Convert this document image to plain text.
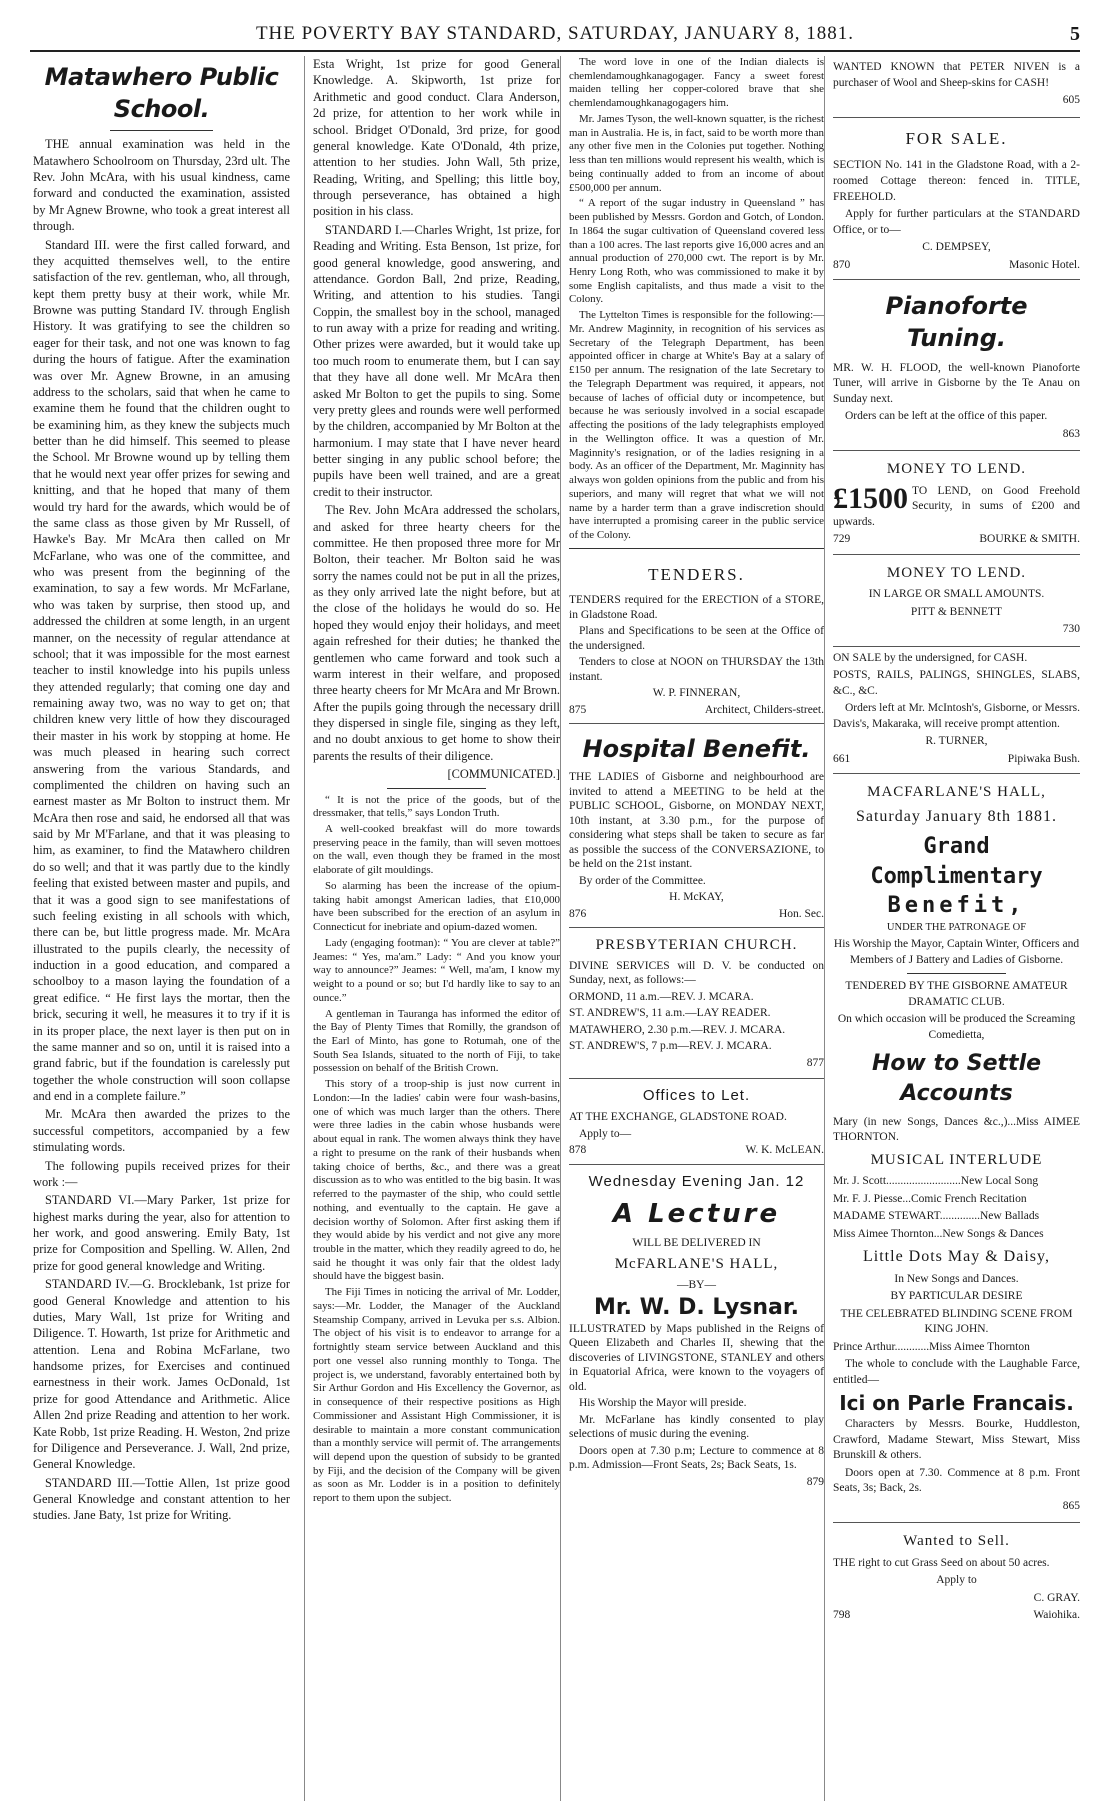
THE POVERTY BAY STANDARD, SATURDAY, JANUARY 8, 1881.	5
Matawhero Public School.

THE annual examination was held in the Matawhero Schoolroom on Thursday, 23rd ult. The Rev. John McAra, with his usual kindness, came forward and conducted the examination, assisted by Mr Agnew Browne, who took a great interest all through.

Standard III. were the first called forward, and they acquitted themselves well, to the entire satisfaction of the rev. gentleman, who, all through, kept them pretty busy at their work, while Mr. Browne was putting Standard IV. through English History. It was gratifying to see the children so eager for their task, and not one was known to fag during the hours of fatigue. After the examination was over Mr. Agnew Browne, in an amusing address to the scholars, said that when he came to examine them he found that the children ought to be examining him, as they knew the subjects much better than he did himself. This seemed to please the School. Mr Browne wound up by telling them that he would next year offer prizes for sewing and knitting, and that he hoped that many of them would try hard for the awards, which would be of the same class as those given by Mr Russell, of Hawke's Bay. Mr McAra then called on Mr McFarlane, who was one of the committee, and who was present from the beginning of the examination, to say a few words. Mr McFarlane, who was taken by surprise, then stood up, and addressed the children at some length, in an urgent manner, on the necessity of regular attendance at school; that it was impossible for the most earnest teacher to instil knowledge into his pupils unless they attended regularly; that coming one day and remaining away two, was no way to get on; that children knew very little of how they discouraged their master in his work by stopping at home. He was much pleased in hearing such correct answering from the various Standards, and complimented the children on having such an earnest master as Mr Bolton to instruct them. Mr McAra then rose and said, he endorsed all that was said by Mr M'Farlane, and that it was pleasing to him, as examiner, to find the Matawhero children do so well; and that it was partly due to the kindly feeling that existed between master and pupils, and that it was a good sign to see manifestations of such feeling existing in all schools with which, there can be, but little progress made. Mr. McAra illustrated to the pupils clearly, the necessity of induction in a good education, and compared a schoolboy to a mason laying the foundation of a great edifice. “ He first lays the mortar, then the brick, securing it well, he measures it to try if it is in its proper place, the next layer is then put on in the same manner and so on, until it is raised into a grand fabric, but if the foundation is carelessly put together the whole construction will soon collapse and end in a complete failure.”

Mr. McAra then awarded the prizes to the successful competitors, accompanied by a few stimulating words.

The following pupils received prizes for their work :—

STANDARD VI.—Mary Parker, 1st prize for highest marks during the year, also for attention to her work, and good answering. Emily Baty, 1st prize for Composition and Spelling. W. Allen, 2nd prize for good general knowledge and Writing.

STANDARD IV.—G. Brocklebank, 1st prize for good General Knowledge and attention to his duties, Mary Wall, 1st prize for Writing and Diligence. T. Howarth, 1st prize for Arithmetic and attention. Lena and Robina McFarlane, two handsome prizes, for Exercises and continued earnestness in their work. James OcDonald, 1st prize for good Attendance and Arithmetic. Alice Allen 2nd prize Reading and attention to her work. Kate Robb, 1st prize Reading. H. Weston, 2nd prize for Diligence and Perseverance. J. Wall, 2nd prize, General Knowledge.

STANDARD III.—Tottie Allen, 1st prize good General Knowledge and constant attention to her studies. Jane Baty, 1st prize for Writing.

Esta Wright, 1st prize for good General Knowledge. A. Skipworth, 1st prize for Arithmetic and good conduct. Clara Anderson, 2d prize, for attention to her work while in school. Bridget O'Donald, 3rd prize, for good general knowledge. Kate O'Donald, 4th prize, attention to her studies. John Wall, 5th prize, Reading, Writing, and Spelling; this little boy, through perseverance, has obtained a high position in his class.

STANDARD I.—Charles Wright, 1st prize, for Reading and Writing. Esta Benson, 1st prize, for good general knowledge, good answering, and attendance. Gordon Ball, 2nd prize, Reading, Writing, and attention to his studies. Tangi Coppin, the smallest boy in the school, managed to run away with a prize for reading and writing. Other prizes were awarded, but it would take up too much room to enumerate them, but I can say that they have all done well. Mr McAra then asked Mr Bolton to get the pupils to sing. Some very pretty glees and rounds were well performed by the children, accompanied by Mr Bolton at the harmonium. I may state that I have never heard better singing in any public school before; the pupils have been well trained, and are a great credit to their instructor.

The Rev. John McAra addressed the scholars, and asked for three hearty cheers for the committee. He then proposed three more for Mr Bolton, their teacher. Mr Bolton said he was sorry the names could not be put in all the prizes, as they only arrived late the night before, but at the close of the holidays he would do so. He hoped they would enjoy their holidays, and meet again refreshed for their duties; he thanked the gentlemen who came forward and took such a warm interest in their welfare, and proposed three hearty cheers for Mr McAra and Mr Brown. After the pupils going through the necessary drill they dispersed in single file, singing as they left, and no doubt anxious to get home to show their parents the results of their diligence.

[COMMUNICATED.]

“ It is not the price of the goods, but of the dressmaker, that tells,” says London Truth.

A well-cooked breakfast will do more towards preserving peace in the family, than will seven mottoes on the wall, even though they be framed in the most elaborate of gilt mouldings.

So alarming has been the increase of the opium-taking habit amongst American ladies, that £10,000 have been subscribed for the erection of an asylum in Connecticut for inebriate and opium-dazed women.

Lady (engaging footman): “ You are clever at table?” Jeames: “ Yes, ma'am.” Lady: “ And you know your way to announce?” Jeames: “ Well, ma'am, I know my weight to a pound or so; but I'd hardly like to say to an ounce.”

A gentleman in Tauranga has informed the editor of the Bay of Plenty Times that Romilly, the grandson of the Earl of Minto, has gone to Rotumah, one of the South Sea Islands, situated to the north of Fiji, to take possession on behalf of the British Crown.

This story of a troop-ship is just now current in London:—In the ladies' cabin were four wash-basins, one of which was much larger than the others. There were three ladies in the cabin whose husbands were about equal in rank. The women always think they have a right to presume on the rank of their husbands when taking choice of berths, &c., and there was a great discussion as to who was entitled to the big basin. It was referred to the paymaster of the ship, who could settle nothing, and eventually to the captain. He gave a decision worthy of Solomon. After first asking them if they would abide by his verdict and not give any more trouble in the matter, which they readily agreed to do, he said he thought it was only fair that the oldest lady should have the biggest basin.

The Fiji Times in noticing the arrival of Mr. Lodder, says:—Mr. Lodder, the Manager of the Auckland Steamship Company, arrived in Levuka per s.s. Albion. The object of his visit is to endeavor to arrange for a fortnightly steam service between Auckland and this port one vessel also running monthly to Tonga. The project is, we understand, favorably entertained both by Sir Arthur Gordon and His Excellency the Governor, as in consequence of their respective positions as High Commissioner and Assistant High Commissioner, it is desirable to maintain a more constant communication than a monthly service will permit of. The arrangements will depend upon the question of subsidy to be granted by Fiji, and the decision of the Company will be given as soon as Mr. Lodder is in a position to definitely report to them upon the subject.

The word love in one of the Indian dialects is chemlendamoughkanagogager. Fancy a sweet forest maiden telling her copper-colored brave that she chemlendamoughkanagogagers him.

Mr. James Tyson, the well-known squatter, is the richest man in Australia. He is, in fact, said to be worth more than any other five men in the Colonies put together. Nothing less than ten millions would represent his wealth, which is being continually added to from an income of about £500,000 per annum.

“ A report of the sugar industry in Queensland ” has been published by Messrs. Gordon and Gotch, of London. In 1864 the sugar cultivation of Queensland covered less than a 100 acres. The last reports give 16,000 acres and an annual production of 270,000 cwt. The report is by Mr. Henry Long Roth, who was commissioned to make it by some English capitalists, and thus made a visit to the Colony.

The Lyttelton Times is responsible for the following:—Mr. Andrew Maginnity, in recognition of his services as Secretary of the Telegraph Department, has been appointed officer in charge at White's Bay at a salary of £150 per annum. The resignation of the late Secretary to the Telegraph Department was required, it appears, not because of laches of official duty or incompetence, but because he was seriously involved in a social escapade affecting the positions of the lady telegraphists employed in the Wellington office. It was a question of Mr. Maginnity's resignation, or of the ladies resigning in a body. As an officer of the Department, Mr. Maginnity has always won golden opinions from the public and from his superiors, and many will regret that what we will not name by a harder term than a grave indiscretion should have interrupted a promising career in the public service of the Colony.

TENDERS.

TENDERS required for the ERECTION of a STORE, in Gladstone Road.

Plans and Specifications to be seen at the Office of the undersigned.

Tenders to close at NOON on THURSDAY the 13th instant.

W. P. FINNERAN,

875	Architect, Childers-street.
Hospital Benefit.

THE LADIES of Gisborne and neighbourhood are invited to attend a MEETING to be held at the PUBLIC SCHOOL, Gisborne, on MONDAY NEXT, 10th instant, at 3.30 p.m., for the purpose of considering what steps shall be taken to secure as far as possible the success of the CONVERSAZIONE, to be held on the 21st instant.

By order of the Committee.

H. McKAY,

876	Hon. Sec.
PRESBYTERIAN CHURCH.

DIVINE SERVICES will D. V. be conducted on Sunday, next, as follows:—

ORMOND, 11 a.m.—REV. J. MCARA.

ST. ANDREW'S, 11 a.m.—LAY READER.

MATAWHERO, 2.30 p.m.—REV. J. MCARA.

ST. ANDREW'S, 7 p.m—REV. J. MCARA.

877

Offices to Let.

AT THE EXCHANGE, GLADSTONE ROAD.

Apply to—

878	W. K. McLEAN.
Wednesday Evening Jan. 12
A Lecture

WILL BE DELIVERED IN

McFARLANE'S HALL,

—BY—

Mr. W. D. Lysnar.

ILLUSTRATED by Maps published in the Reigns of Queen Elizabeth and Charles II, shewing that the discoveries of LIVINGSTONE, STANLEY and others in Equatorial Africa, were known to the voyagers of old.

His Worship the Mayor will preside.

Mr. McFarlane has kindly consented to play selections of music during the evening.

Doors open at 7.30 p.m; Lecture to commence at 8 p.m. Admission—Front Seats, 2s; Back Seats, 1s.

879

WANTED KNOWN that PETER NIVEN is a purchaser of Wool and Sheep-skins for CASH!

605

FOR SALE.

SECTION No. 141 in the Gladstone Road, with a 2-roomed Cottage thereon: fenced in. TITLE, FREEHOLD.

Apply for further particulars at the STANDARD Office, or to—

C. DEMPSEY,

870	Masonic Hotel.
Pianoforte Tuning.

MR. W. H. FLOOD, the well-known Pianoforte Tuner, will arrive in Gisborne by the Te Anau on Sunday next.

Orders can be left at the office of this paper.

863

MONEY TO LEND.
£1500 TO LEND, on Good Freehold Security, in sums of £200 and upwards.

729	BOURKE & SMITH.
MONEY TO LEND.

IN LARGE OR SMALL AMOUNTS.

PITT & BENNETT

730

ON SALE by the undersigned, for CASH.

POSTS, RAILS, PALINGS, SHINGLES, SLABS, &C., &C.

Orders left at Mr. McIntosh's, Gisborne, or Messrs. Davis's, Makaraka, will receive prompt attention.

R. TURNER,

661	Pipiwaka Bush.
MACFARLANE'S HALL,
Saturday January 8th 1881.
Grand Complimentary
Benefit,

UNDER THE PATRONAGE OF

His Worship the Mayor, Captain Winter, Officers and Members of J Battery and Ladies of Gisborne.

TENDERED BY THE GISBORNE AMATEUR DRAMATIC CLUB.

On which occasion will be produced the Screaming Comedietta,

How to Settle Accounts

Mary (in new Songs, Dances &c.,)...Miss AIMEE THORNTON.

MUSICAL INTERLUDE

Mr. J. Scott..........................New Local Song

Mr. F. J. Piesse...Comic French Recitation

MADAME STEWART..............New Ballads

Miss Aimee Thornton...New Songs & Dances

Little Dots May & Daisy,

In New Songs and Dances.

BY PARTICULAR DESIRE

THE CELEBRATED BLINDING SCENE FROM KING JOHN.

Prince Arthur............Miss Aimee Thornton

The whole to conclude with the Laughable Farce, entitled—

Ici on Parle Francais.

Characters by Messrs. Bourke, Huddleston, Crawford, Madame Stewart, Miss Stewart, Miss Brunskill & others.

Doors open at 7.30. Commence at 8 p.m. Front Seats, 3s; Back, 2s.

865

Wanted to Sell.

THE right to cut Grass Seed on about 50 acres.

Apply to

C. GRAY.

798	Waiohika.
